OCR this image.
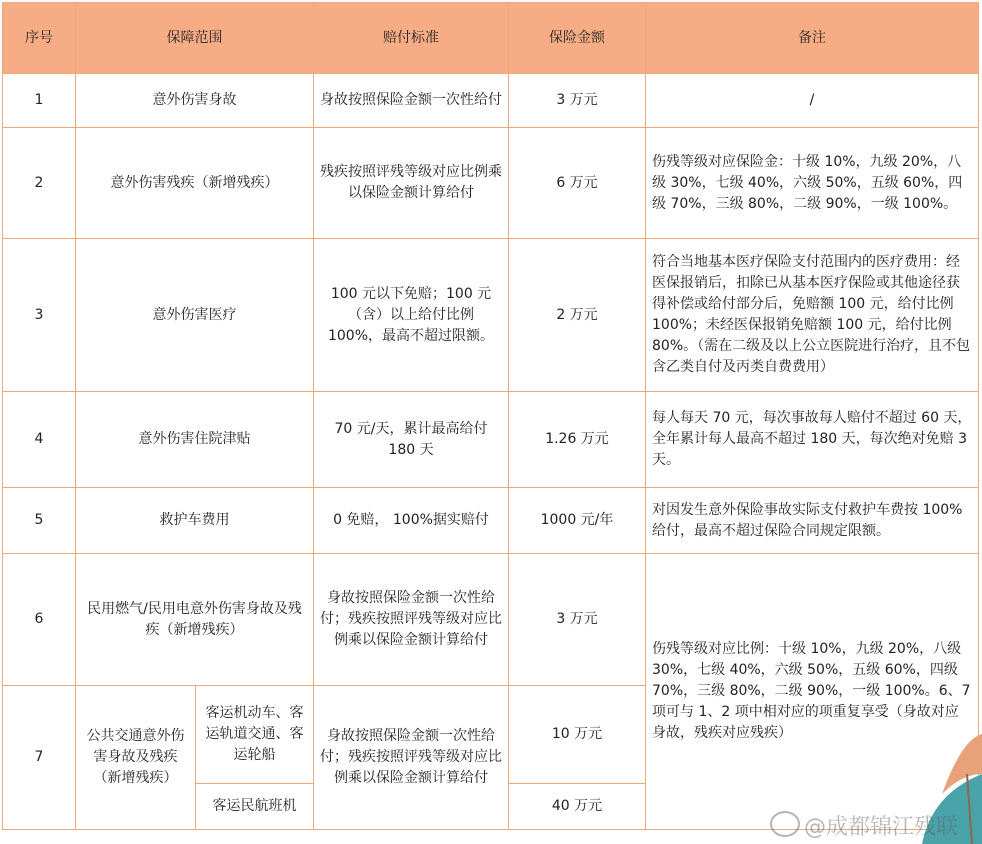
序号	保障范围		赔付标准	保险金额	备注
1	意外伤害身故		身故按照保险金额一次性给付	3 万元	/
2	意外伤害残疾（新增残疾）		残疾按照评残等级对应比例乘以保险金额计算给付	6 万元	伤残等级对应保险金：十级 10%，九级 20%，八级 30%，七级 40%，六级 50%，五级 60%，四级 70%，三级 80%，二级 90%，一级 100%。
3	意外伤害医疗		100 元以下免赔；100 元（含）以上给付比例 100%，最高不超过限额。	2 万元	符合当地基本医疗保险支付范围内的医疗费用：经医保报销后，扣除已从基本医疗保险或其他途径获得补偿或给付部分后，免赔额 100 元，给付比例 100%；未经医保报销免赔额 100 元，给付比例 80%。（需在二级及以上公立医院进行治疗，且不包含乙类自付及丙类自费费用）
4	意外伤害住院津贴		70 元/天，累计最高给付 180 天	1.26 万元	每人每天 70 元，每次事故每人赔付不超过 60 天，全年累计每人最高不超过 180 天，每次绝对免赔 3 天。
5	救护车费用		0 免赔， 100%据实赔付	1000 元/年	对因发生意外保险事故实际支付救护车费按 100%给付，最高不超过保险合同规定限额。
6	民用燃气/民用电意外伤害身故及残疾（新增残疾）		身故按照保险金额一次性给付；残疾按照评残等级对应比例乘以保险金额计算给付	3 万元	伤残等级对应比例：十级 10%，九级 20%，八级 30%，七级 40%，六级 50%，五级 60%，四级 70%，三级 80%，二级 90%，一级 100%。6、7 项可与 1、2 项中相对应的项重复享受（身故对应身故，残疾对应残疾）
7	公共交通意外伤害身故及残疾（新增残疾）	客运机动车、客运轨道交通、客运轮船	身故按照保险金额一次性给付；残疾按照评残等级对应比例乘以保险金额计算给付	10 万元	
		客运民航班机		40 万元	
@成都锦江残联
